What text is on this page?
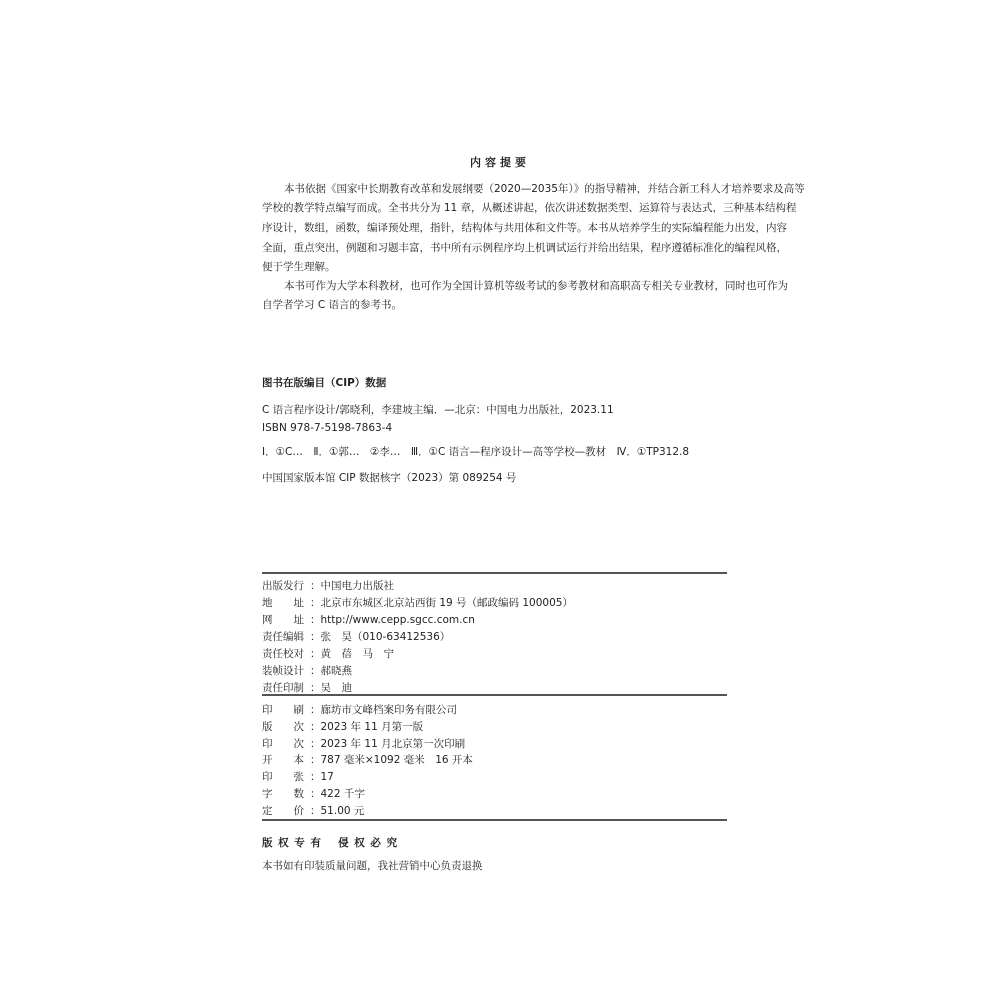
内容提要
本书依据《国家中长期教育改革和发展纲要（2020—2035年）》的指导精神，并结合新工科人才培养要求及高等
学校的教学特点编写而成。全书共分为 11 章，从概述讲起，依次讲述数据类型、运算符与表达式，三种基本结构程
序设计，数组，函数，编译预处理，指针，结构体与共用体和文件等。本书从培养学生的实际编程能力出发，内容
全面，重点突出，例题和习题丰富，书中所有示例程序均上机调试运行并给出结果，程序遵循标准化的编程风格，
便于学生理解。
本书可作为大学本科教材，也可作为全国计算机等级考试的参考教材和高职高专相关专业教材，同时也可作为
自学者学习 C 语言的参考书。
图书在版编目（CIP）数据
C 语言程序设计/郭晓利，李建坡主编．—北京：中国电力出版社，2023.11
ISBN 978-7-5198-7863-4
Ⅰ．①C…　Ⅱ．①郭…　②李…　Ⅲ．①C 语言—程序设计—高等学校—教材　Ⅳ．①TP312.8
中国国家版本馆 CIP 数据核字（2023）第 089254 号
出版发行 ：中国电力出版社
地　　址 ：北京市东城区北京站西街 19 号（邮政编码 100005）
网　　址 ：http://www.cepp.sgcc.com.cn
责任编辑 ：张　昊（010-63412536）
责任校对 ：黄　蓓　马　宁
装帧设计 ：郝晓燕
责任印制 ：吴　迪
印　　刷 ：廊坊市文峰档案印务有限公司
版　　次 ：2023 年 11 月第一版
印　　次 ：2023 年 11 月北京第一次印刷
开　　本 ：787 毫米×1092 毫米　16 开本
印　　张 ：17
字　　数 ：422 千字
定　　价 ：51.00 元
版 权 专 有　 侵 权 必 究
本书如有印装质量问题，我社营销中心负责退换
